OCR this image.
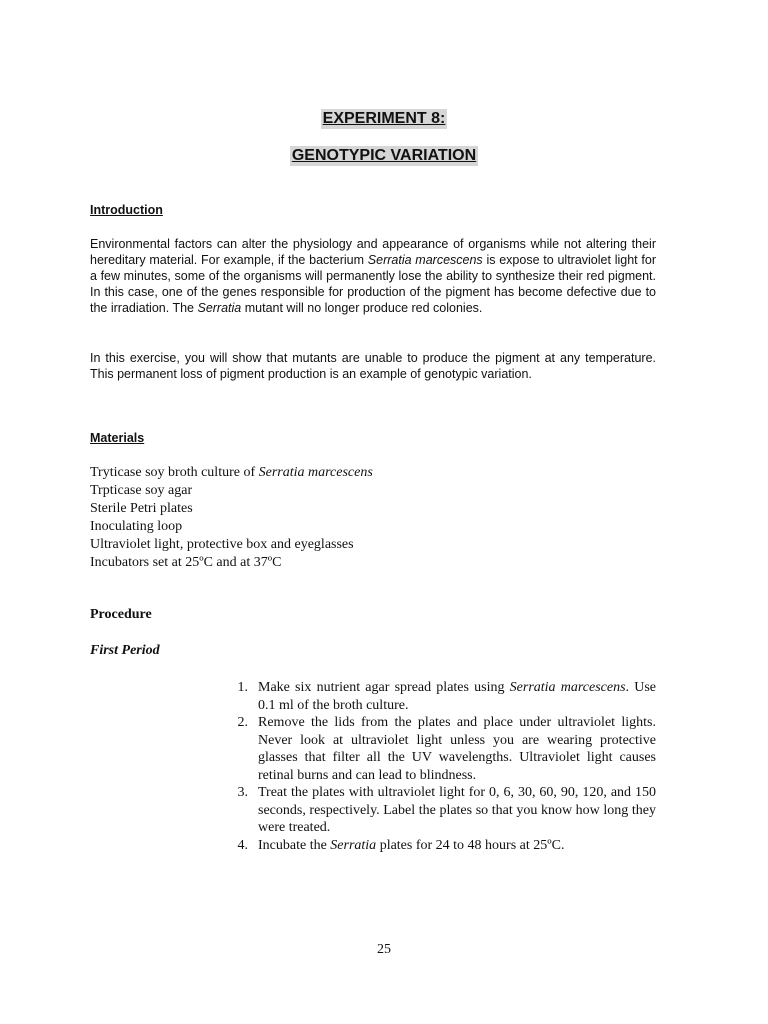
EXPERIMENT 8:
GENOTYPIC VARIATION
Introduction
Environmental factors can alter the physiology and appearance of organisms while not altering their hereditary material. For example, if the bacterium Serratia marcescens is expose to ultraviolet light for a few minutes, some of the organisms will permanently lose the ability to synthesize their red pigment. In this case, one of the genes responsible for production of the pigment has become defective due to the irradiation. The Serratia mutant will no longer produce red colonies.
In this exercise, you will show that mutants are unable to produce the pigment at any temperature. This permanent loss of pigment production is an example of genotypic variation.
Materials
Tryticase soy broth culture of Serratia marcescens
Trpticase soy agar
Sterile Petri plates
Inoculating loop
Ultraviolet light, protective box and eyeglasses
Incubators set at 25ºC and at 37ºC
Procedure
First Period
1. Make six nutrient agar spread plates using Serratia marcescens. Use 0.1 ml of the broth culture.
2. Remove the lids from the plates and place under ultraviolet lights. Never look at ultraviolet light unless you are wearing protective glasses that filter all the UV wavelengths. Ultraviolet light causes retinal burns and can lead to blindness.
3. Treat the plates with ultraviolet light for 0, 6, 30, 60, 90, 120, and 150 seconds, respectively. Label the plates so that you know how long they were treated.
4. Incubate the Serratia plates for 24 to 48 hours at 25ºC.
25
